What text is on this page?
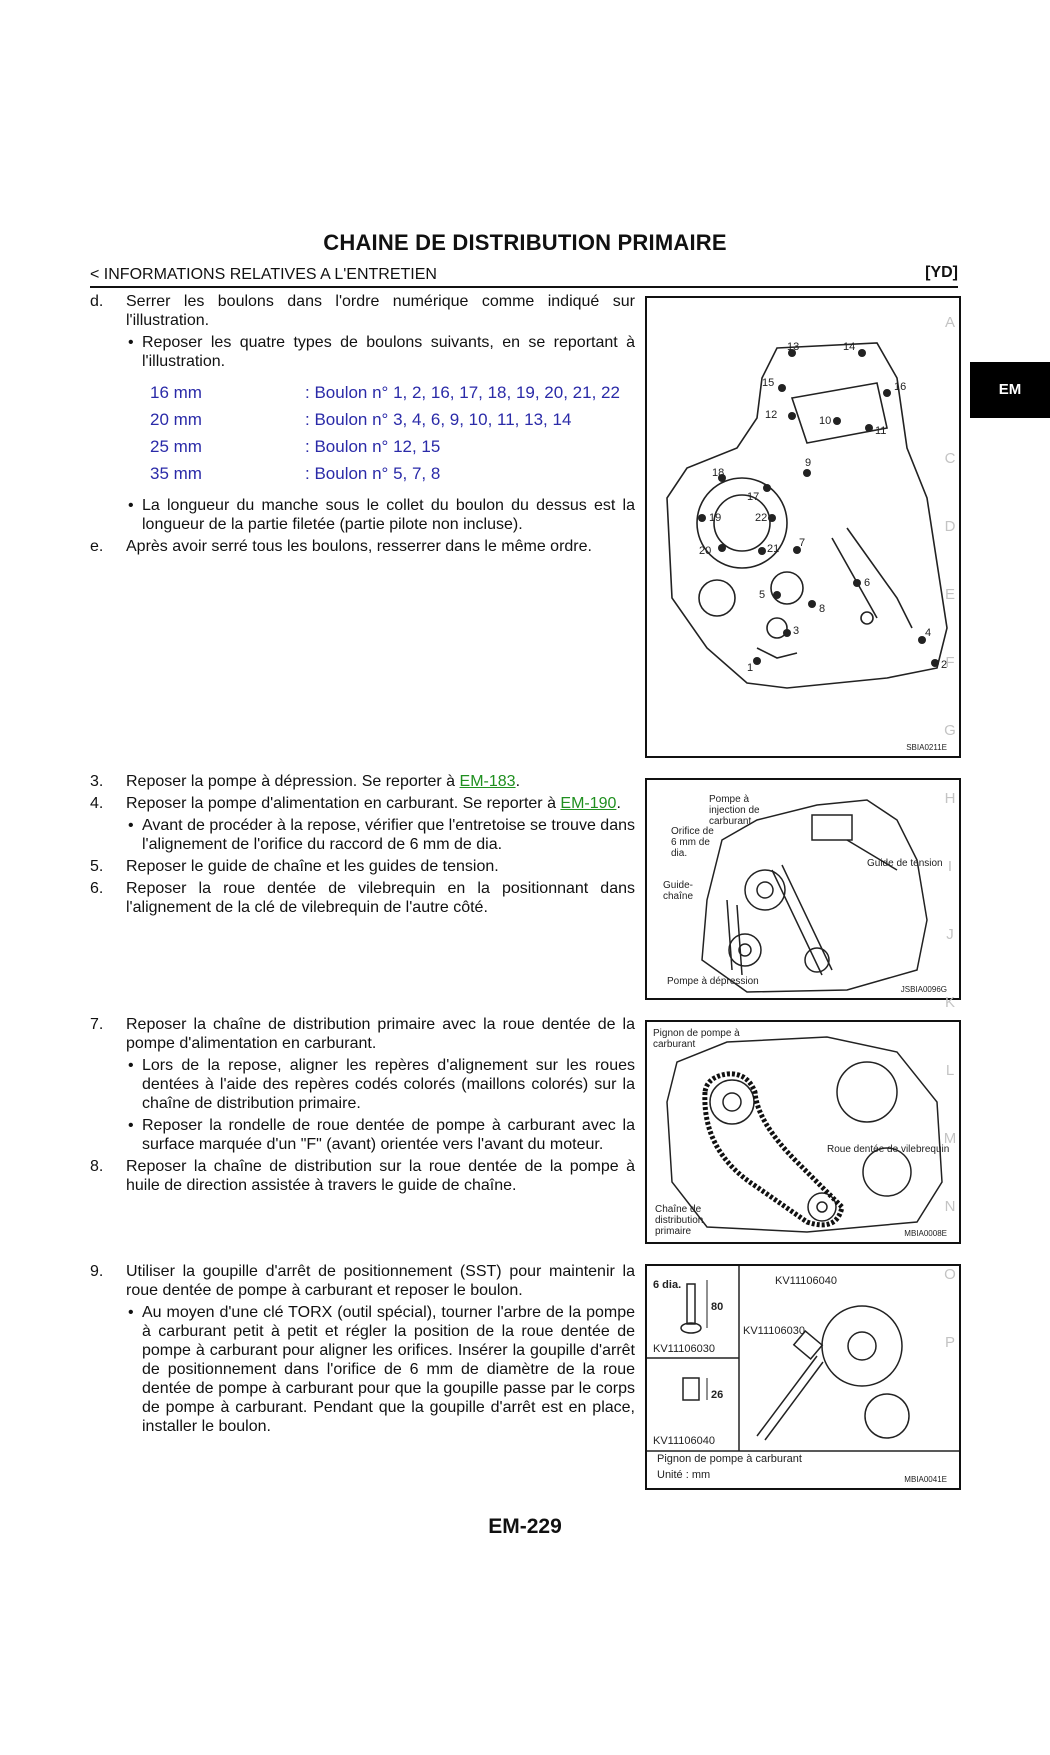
CHAINE DE DISTRIBUTION PRIMAIRE
< INFORMATIONS RELATIVES A L'ENTRETIEN	[YD]
d. Serrer les boulons dans l'ordre numérique comme indiqué sur l'illustration.
• Reposer les quatre types de boulons suivants, en se reportant à l'illustration.
16 mm	: Boulon n° 1, 2, 16, 17, 18, 19, 20, 21, 22
20 mm	: Boulon n° 3, 4, 6, 9, 10, 11, 13, 14
25 mm	: Boulon n° 12, 15
35 mm	: Boulon n° 5, 7, 8
• La longueur du manche sous le collet du boulon du dessus est la longueur de la partie filetée (partie pilote non incluse).
e. Après avoir serré tous les boulons, resserrer dans le même ordre.
3. Reposer la pompe à dépression. Se reporter à EM-183.
4. Reposer la pompe d'alimentation en carburant. Se reporter à EM-190.
• Avant de procéder à la repose, vérifier que l'entretoise se trouve dans l'alignement de l'orifice du raccord de 6 mm de dia.
5. Reposer le guide de chaîne et les guides de tension.
6. Reposer la roue dentée de vilebrequin en la positionnant dans l'alignement de la clé de vilebrequin de l'autre côté.
7. Reposer la chaîne de distribution primaire avec la roue dentée de la pompe d'alimentation en carburant.
• Lors de la repose, aligner les repères d'alignement sur les roues dentées à l'aide des repères codés colorés (maillons colorés) sur la chaîne de distribution primaire.
• Reposer la rondelle de roue dentée de pompe à carburant avec la surface marquée d'un "F" (avant) orientée vers l'avant du moteur.
8. Reposer la chaîne de distribution sur la roue dentée de la pompe à huile de direction assistée à travers le guide de chaîne.
9. Utiliser la goupille d'arrêt de positionnement (SST) pour maintenir la roue dentée de pompe à carburant et reposer le boulon.
• Au moyen d'une clé TORX (outil spécial), tourner l'arbre de la pompe à carburant petit à petit et régler la position de la roue dentée de pompe à carburant pour aligner les orifices. Insérer la goupille d'arrêt de positionnement dans l'orifice de 6 mm de diamètre de la roue dentée de pompe à carburant pour que la goupille passe par le corps de pompe à carburant. Pendant que la goupille d'arrêt est en place, installer le boulon.
13	14
15	16
12	10
11
9
18
17
19	22
20	21 7
6
5
8
3	4
1	2
SBIA0211E
Pompe à injection de carburant
Orifice de 6 mm de dia.
Guide de tension
Guide-chaîne
Pompe à dépression
JSBIA0096G
Pignon de pompe à carburant
Roue dentée de vilebrequin
Chaîne de distribution primaire	MBIA0008E
6 dia.
80
KV11106030
26
KV11106040
KV11106040
KV11106030
Pignon de pompe à carburant
Unité : mm	MBIA0041E
A
EM
C
D
E
F
G
H
I
J
K
L
M
N
O
P
EM-229
